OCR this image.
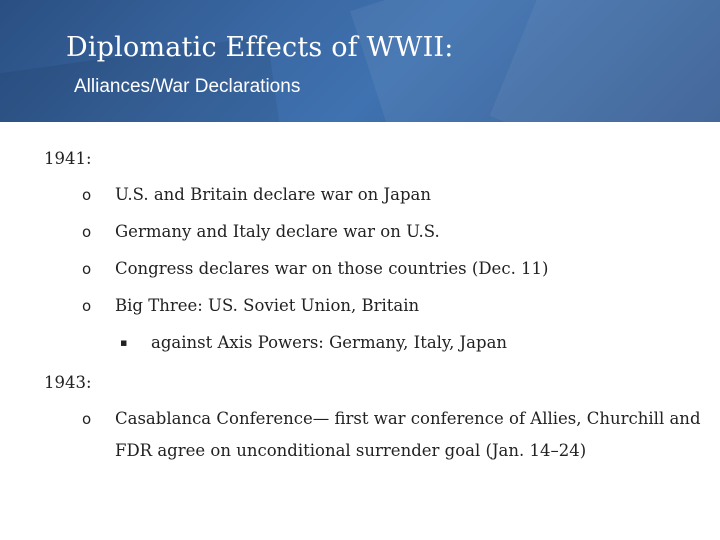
Diplomatic Effects of WWII:
Alliances/War Declarations
1941:
o U.S. and Britain declare war on Japan
o Germany and Italy declare war on U.S.
o Congress declares war on those countries (Dec. 11)
o Big Three: US. Soviet Union, Britain
▪ against Axis Powers: Germany, Italy, Japan
1943:
o Casablanca Conference— first war conference of Allies, Churchill and
FDR agree on unconditional surrender goal (Jan. 14–24)
